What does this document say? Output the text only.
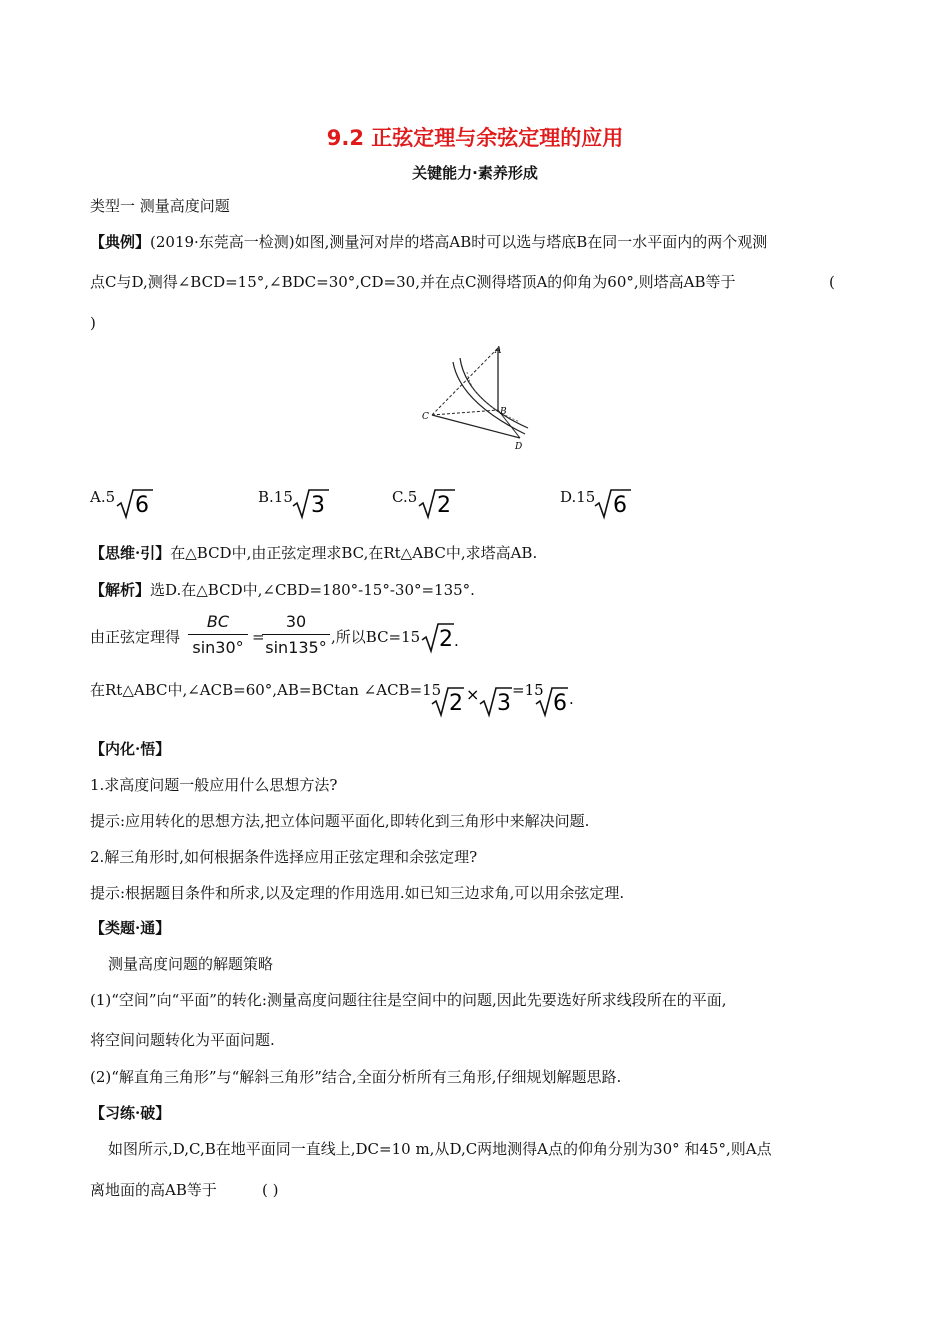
9.2 正弦定理与余弦定理的应用
关键能力·素养形成
类型一 测量高度问题
【典例】(2019·东莞高一检测)如图,测量河对岸的塔高AB时可以选与塔底B在同一水平面内的两个观测
点C与D,测得∠BCD=15°,∠BDC=30°,CD=30,并在点C测得塔顶A的仰角为60°,则塔高AB等于	(
)
A
B
C
D
A.5 6	B.15 3	C.5 2	D.15 6
【思维·引】在△BCD中,由正弦定理求BC,在Rt△ABC中,求塔高AB.
【解析】选D.在△BCD中,∠CBD=180°-15°-30°=135°.
由正弦定理得
BC
sin30°
=
30
sin135°
,所以BC=15 2 .
在Rt△ABC中,∠ACB=60°,AB=BCtan ∠ACB=15
2 × 3
=15
6 .
【内化·悟】
1.求高度问题一般应用什么思想方法?
提示:应用转化的思想方法,把立体问题平面化,即转化到三角形中来解决问题.
2.解三角形时,如何根据条件选择应用正弦定理和余弦定理?
提示:根据题目条件和所求,以及定理的作用选用.如已知三边求角,可以用余弦定理.
【类题·通】
测量高度问题的解题策略
(1)“空间”向“平面”的转化:测量高度问题往往是空间中的问题,因此先要选好所求线段所在的平面,
将空间问题转化为平面问题.
(2)“解直角三角形”与“解斜三角形”结合,全面分析所有三角形,仔细规划解题思路.
【习练·破】
如图所示,D,C,B在地平面同一直线上,DC=10 m,从D,C两地测得A点的仰角分别为30° 和45°,则A点
离地面的高AB等于	( )
